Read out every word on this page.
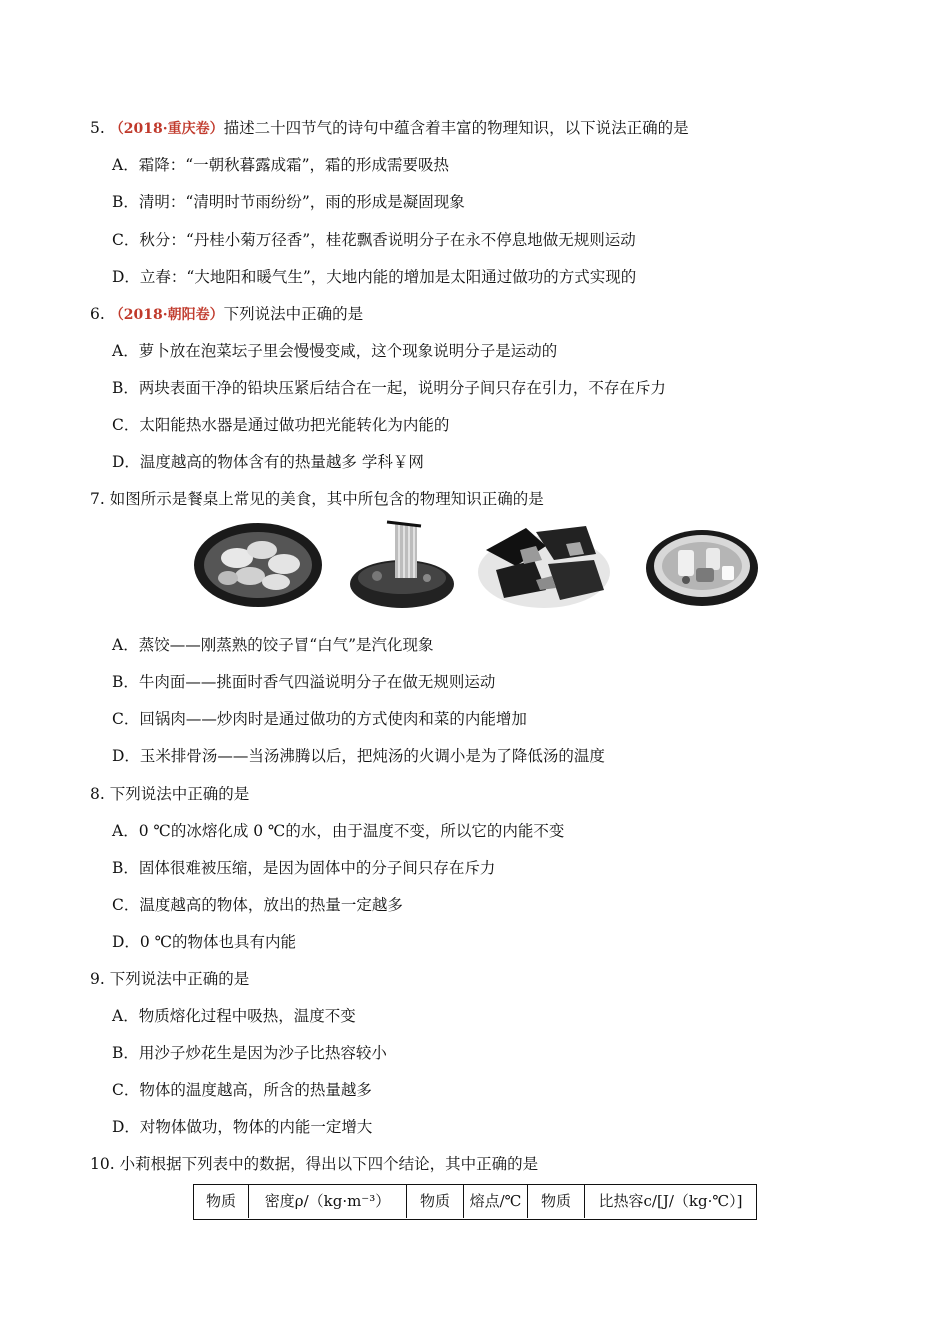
5. （2018·重庆卷）描述二十四节气的诗句中蕴含着丰富的物理知识，以下说法正确的是
A．霜降：“一朝秋暮露成霜”，霜的形成需要吸热
B．清明：“清明时节雨纷纷”，雨的形成是凝固现象
C．秋分：“丹桂小菊万径香”，桂花飘香说明分子在永不停息地做无规则运动
D．立春：“大地阳和暖气生”，大地内能的增加是太阳通过做功的方式实现的
6. （2018·朝阳卷）下列说法中正确的是
A．萝卜放在泡菜坛子里会慢慢变咸，这个现象说明分子是运动的
B．两块表面干净的铅块压紧后结合在一起，说明分子间只存在引力，不存在斥力
C．太阳能热水器是通过做功把光能转化为内能的
D．温度越高的物体含有的热量越多 学科￥网
7. 如图所示是餐桌上常见的美食，其中所包含的物理知识正确的是
A．蒸饺——刚蒸熟的饺子冒“白气”是汽化现象
B．牛肉面——挑面时香气四溢说明分子在做无规则运动
C．回锅肉——炒肉时是通过做功的方式使肉和菜的内能增加
D．玉米排骨汤——当汤沸腾以后，把炖汤的火调小是为了降低汤的温度
8. 下列说法中正确的是
A．0 ℃的冰熔化成 0 ℃的水，由于温度不变，所以它的内能不变
B．固体很难被压缩，是因为固体中的分子间只存在斥力
C．温度越高的物体，放出的热量一定越多
D．0 ℃的物体也具有内能
9. 下列说法中正确的是
A．物质熔化过程中吸热，温度不变
B．用沙子炒花生是因为沙子比热容较小
C．物体的温度越高，所含的热量越多
D．对物体做功，物体的内能一定增大
10. 小莉根据下列表中的数据，得出以下四个结论，其中正确的是
物质	密度ρ/（kg·m⁻³）	物质	熔点/℃	物质	比热容c/[J/（kg·℃）]
